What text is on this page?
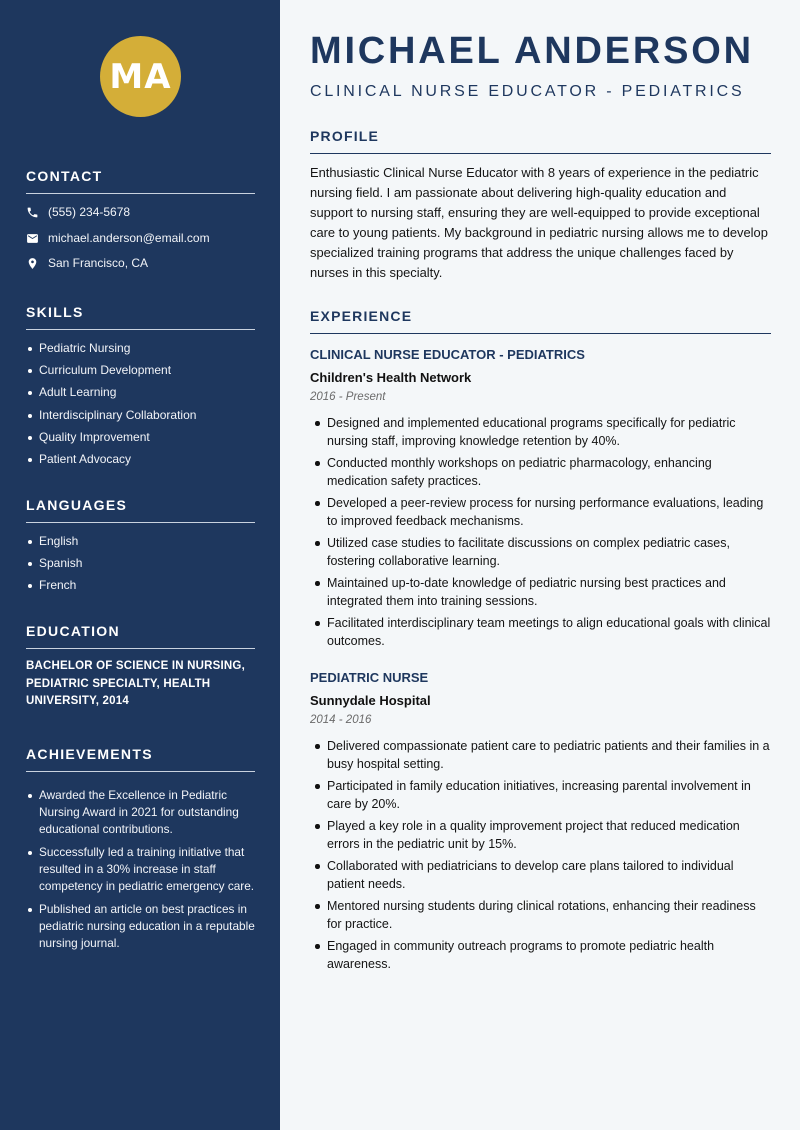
MA
CONTACT
(555) 234-5678
michael.anderson@email.com
San Francisco, CA
SKILLS
Pediatric Nursing
Curriculum Development
Adult Learning
Interdisciplinary Collaboration
Quality Improvement
Patient Advocacy
LANGUAGES
English
Spanish
French
EDUCATION
BACHELOR OF SCIENCE IN NURSING, PEDIATRIC SPECIALTY, HEALTH UNIVERSITY, 2014
ACHIEVEMENTS
Awarded the Excellence in Pediatric Nursing Award in 2021 for outstanding educational contributions.
Successfully led a training initiative that resulted in a 30% increase in staff competency in pediatric emergency care.
Published an article on best practices in pediatric nursing education in a reputable nursing journal.
MICHAEL ANDERSON
CLINICAL NURSE EDUCATOR - PEDIATRICS
PROFILE
Enthusiastic Clinical Nurse Educator with 8 years of experience in the pediatric nursing field. I am passionate about delivering high-quality education and support to nursing staff, ensuring they are well-equipped to provide exceptional care to young patients. My background in pediatric nursing allows me to develop specialized training programs that address the unique challenges faced by nurses in this specialty.
EXPERIENCE
CLINICAL NURSE EDUCATOR - PEDIATRICS
Children's Health Network
2016 - Present
Designed and implemented educational programs specifically for pediatric nursing staff, improving knowledge retention by 40%.
Conducted monthly workshops on pediatric pharmacology, enhancing medication safety practices.
Developed a peer-review process for nursing performance evaluations, leading to improved feedback mechanisms.
Utilized case studies to facilitate discussions on complex pediatric cases, fostering collaborative learning.
Maintained up-to-date knowledge of pediatric nursing best practices and integrated them into training sessions.
Facilitated interdisciplinary team meetings to align educational goals with clinical outcomes.
PEDIATRIC NURSE
Sunnydale Hospital
2014 - 2016
Delivered compassionate patient care to pediatric patients and their families in a busy hospital setting.
Participated in family education initiatives, increasing parental involvement in care by 20%.
Played a key role in a quality improvement project that reduced medication errors in the pediatric unit by 15%.
Collaborated with pediatricians to develop care plans tailored to individual patient needs.
Mentored nursing students during clinical rotations, enhancing their readiness for practice.
Engaged in community outreach programs to promote pediatric health awareness.
